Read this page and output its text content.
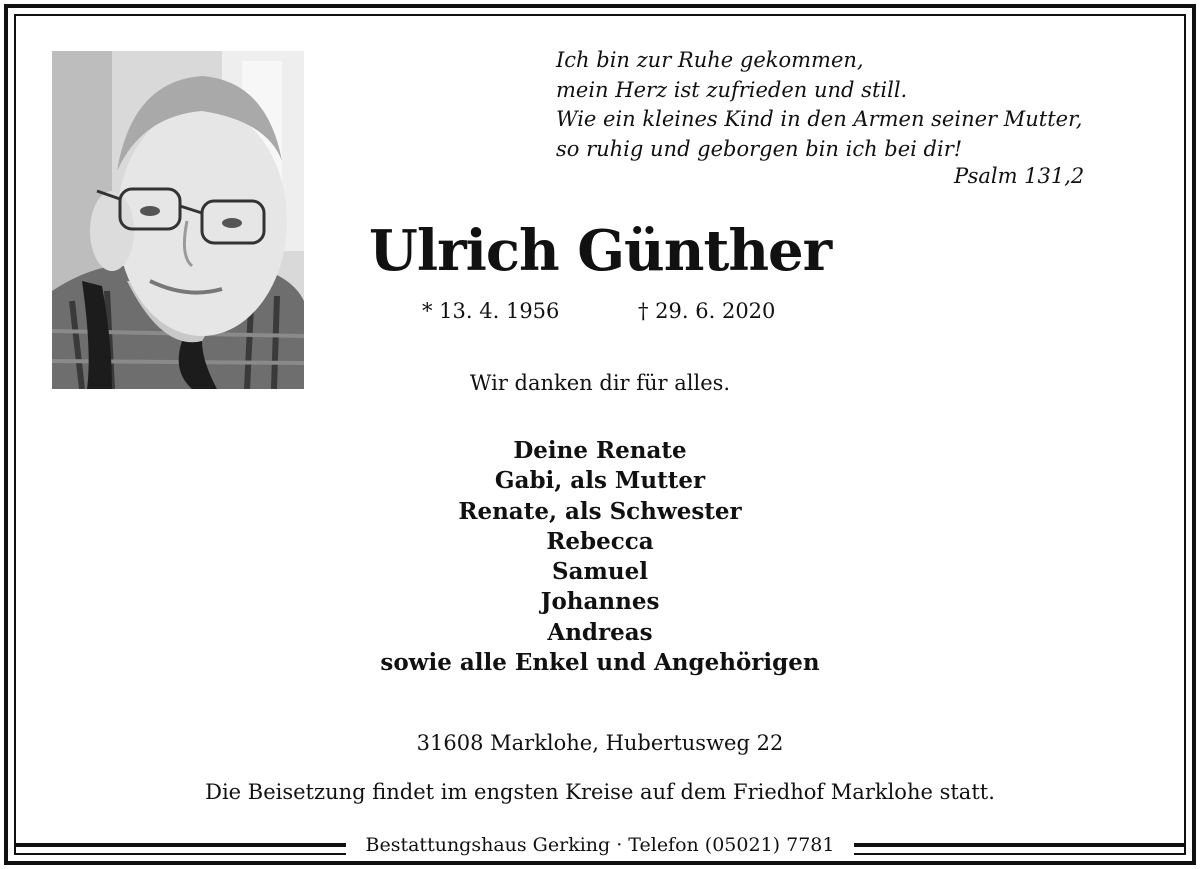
Ich bin zur Ruhe gekommen,
mein Herz ist zufrieden und still.
Wie ein kleines Kind in den Armen seiner Mutter,
so ruhig und geborgen bin ich bei dir!
Psalm 131,2
Ulrich Günther
* 13. 4. 1956	† 29. 6. 2020
Wir danken dir für alles.
Deine Renate
Gabi, als Mutter
Renate, als Schwester
Rebecca
Samuel
Johannes
Andreas
sowie alle Enkel und Angehörigen
31608 Marklohe, Hubertusweg 22
Die Beisetzung findet im engsten Kreise auf dem Friedhof Marklohe statt.
Bestattungshaus Gerking · Telefon (05021) 7781
